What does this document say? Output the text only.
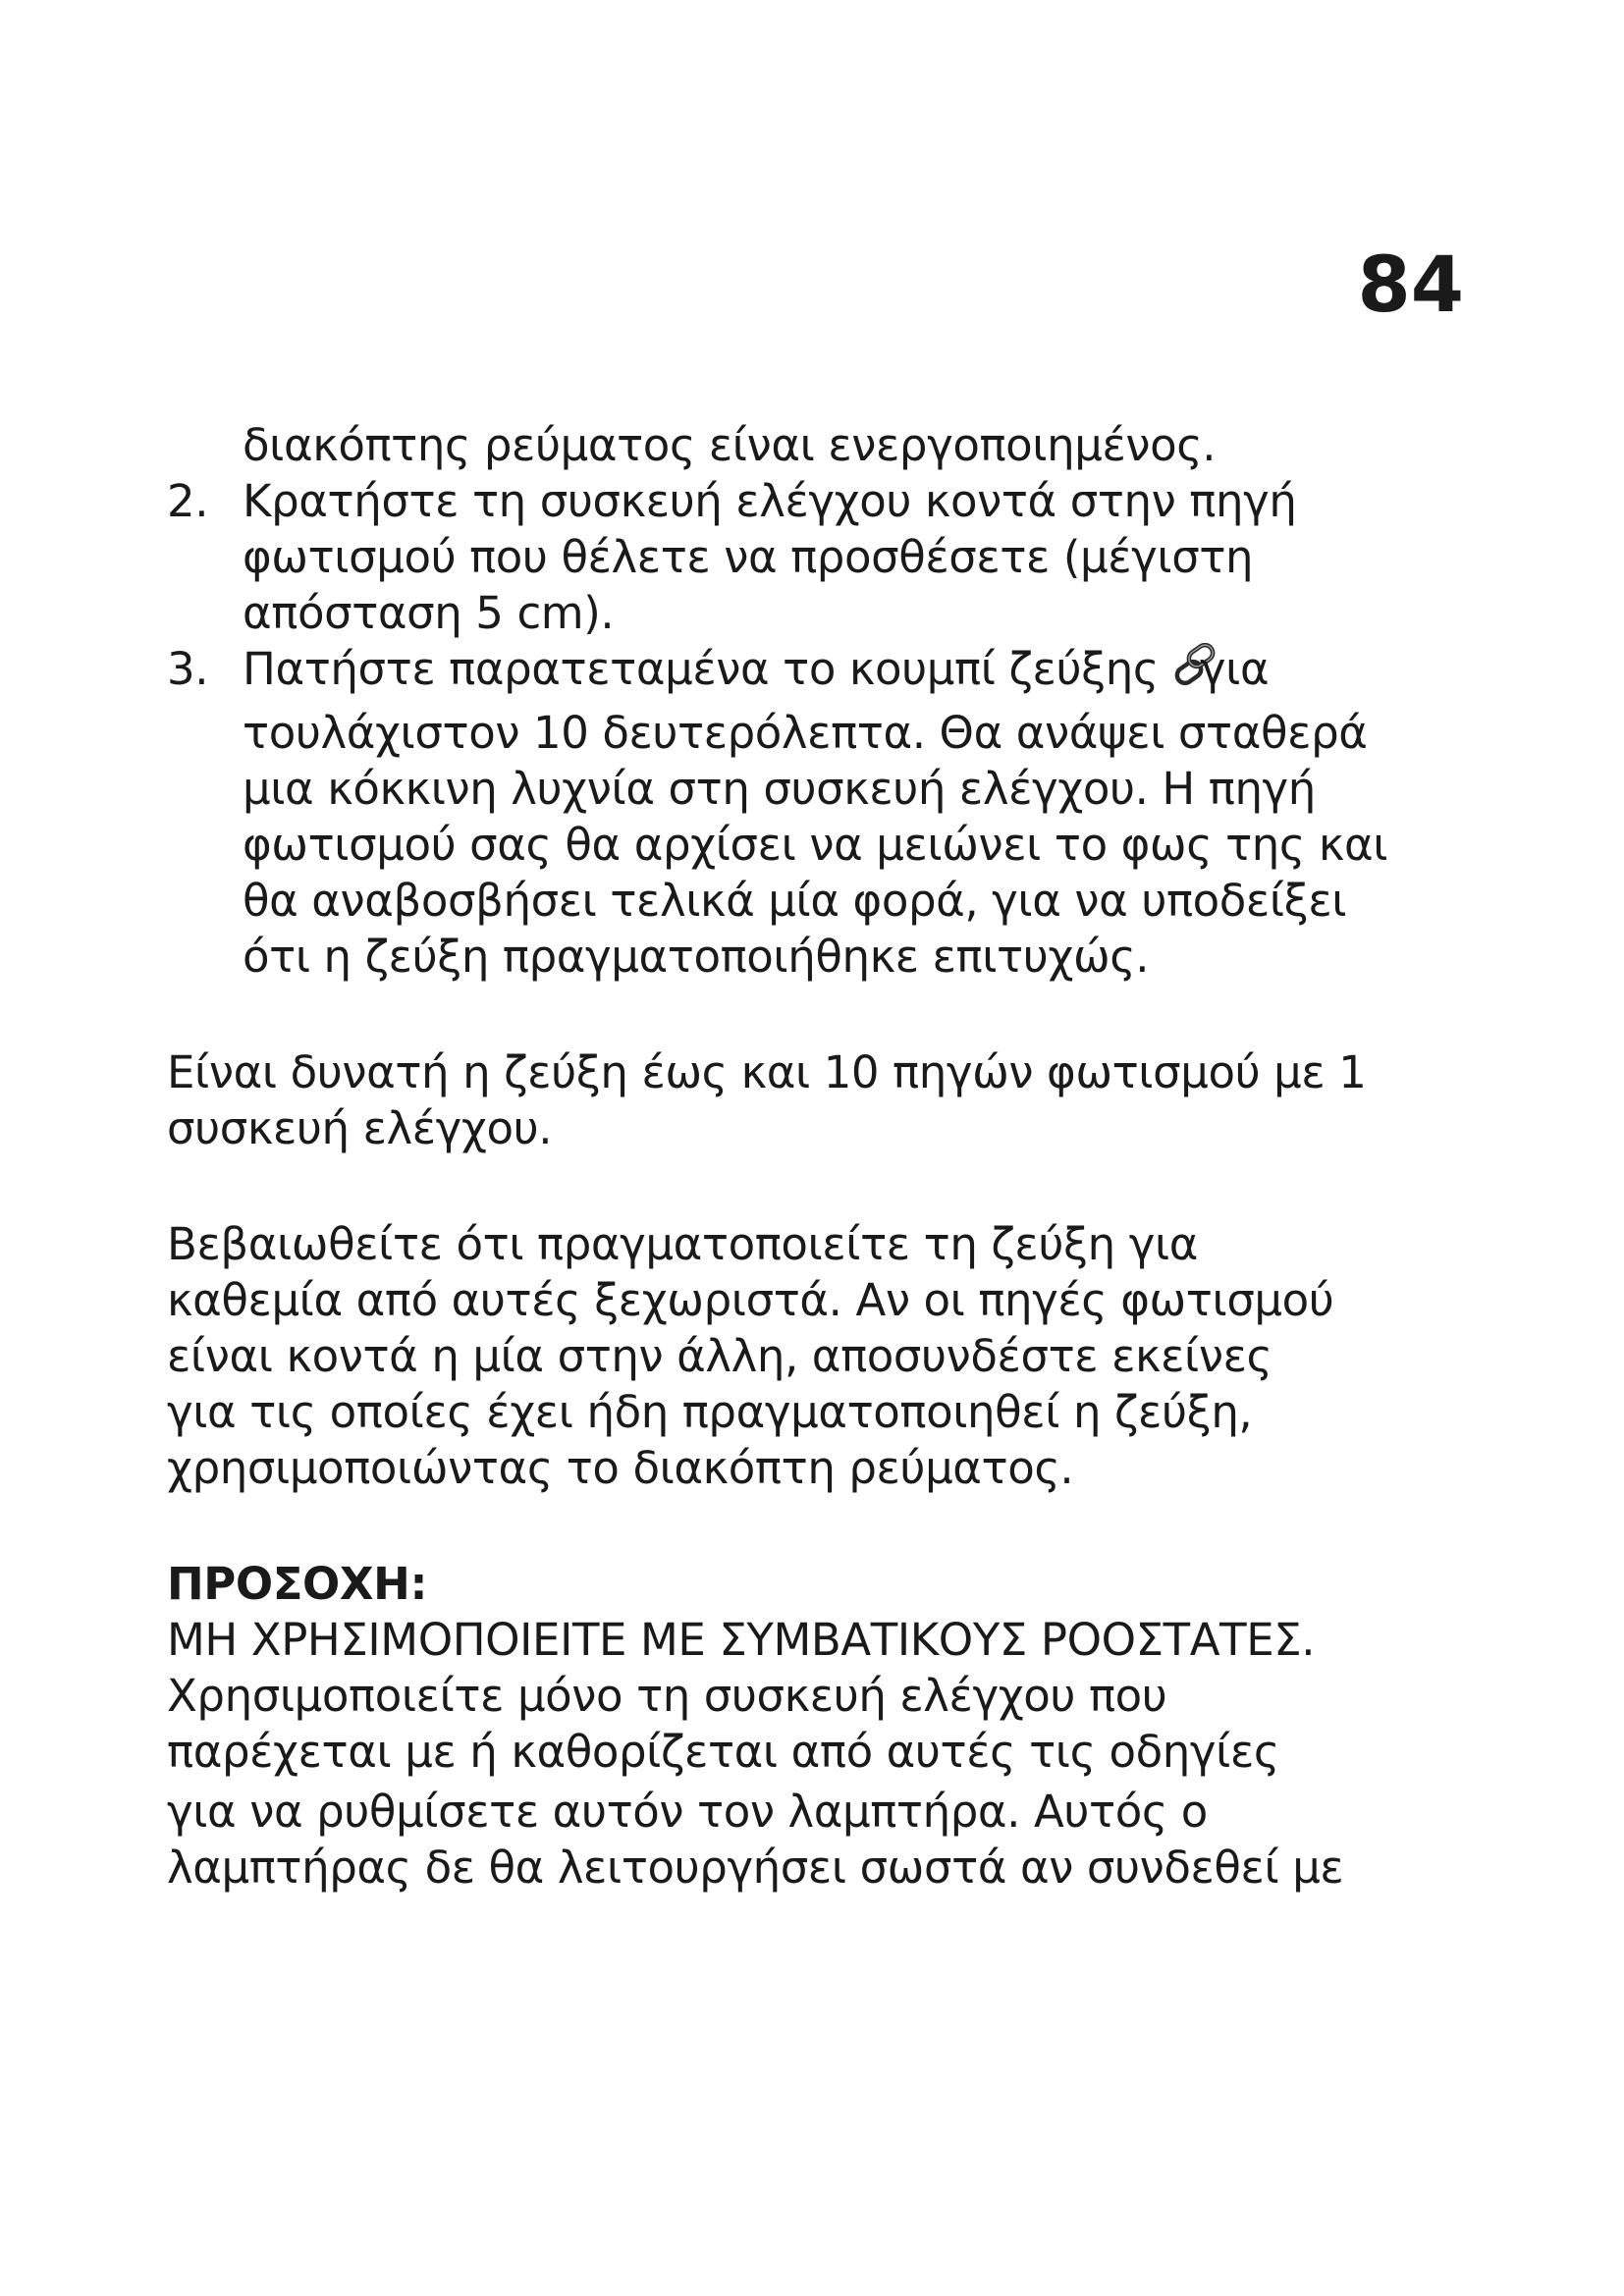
84
διακόπτης ρεύματος είναι ενεργοποιημένος.
2. Κρατήστε τη συσκευή ελέγχου κοντά στην πηγή
φωτισμού που θέλετε να προσθέσετε (μέγιστη
απόσταση 5 cm).
3. Πατήστε παρατεταμένα το κουμπί ζεύξης για
τουλάχιστον 10 δευτερόλεπτα. Θα ανάψει σταθερά
μια κόκκινη λυχνία στη συσκευή ελέγχου. Η πηγή
φωτισμού σας θα αρχίσει να μειώνει το φως της και
θα αναβοσβήσει τελικά μία φορά, για να υποδείξει
ότι η ζεύξη πραγματοποιήθηκε επιτυχώς.
Είναι δυνατή η ζεύξη έως και 10 πηγών φωτισμού με 1
συσκευή ελέγχου.
Βεβαιωθείτε ότι πραγματοποιείτε τη ζεύξη για
καθεμία από αυτές ξεχωριστά. Αν οι πηγές φωτισμού
είναι κοντά η μία στην άλλη, αποσυνδέστε εκείνες
για τις οποίες έχει ήδη πραγματοποιηθεί η ζεύξη,
χρησιμοποιώντας το διακόπτη ρεύματος.
ΠΡΟΣΟΧΗ:
ΜΗ ΧΡΗΣΙΜΟΠΟΙΕΙΤΕ ΜΕ ΣΥΜΒΑΤΙΚΟΥΣ ΡΟΟΣΤΑΤΕΣ.
Χρησιμοποιείτε μόνο τη συσκευή ελέγχου που
παρέχεται με ή καθορίζεται από αυτές τις οδηγίες
για να ρυθμίσετε αυτόν τον λαμπτήρα. Αυτός ο
λαμπτήρας δε θα λειτουργήσει σωστά αν συνδεθεί με
